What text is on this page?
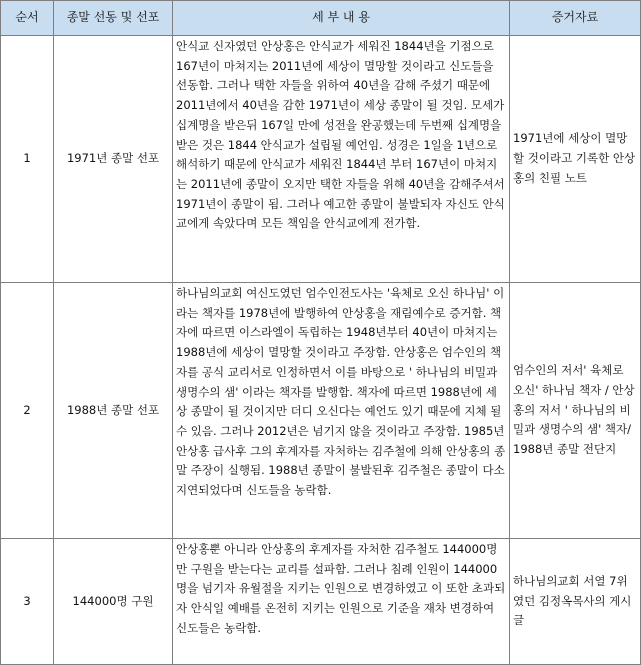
순서	종말 선동 및 선포	세 부 내 용	증거자료
1	1971년 종말 선포	안식교 신자였던 안상홍은 안식교가 세워진 1844년을 기점으로 167년이 마쳐지는 2011년에 세상이 멸망할 것이라고 신도들을 선동함. 그러나 택한 자들을 위하여 40년을 감해 주셨기 때문에 2011년에서 40년을 감한 1971년이 세상 종말이 될 것임. 모세가 십계명을 받은뒤 167일 만에 성전을 완공했는데 두번째 십계명을 받은 것은 1844 안식교가 설립될 예언임. 성경은 1일을 1년으로 해석하기 때문에 안식교가 세워진 1844년 부터 167년이 마쳐지는 2011년에 종말이 오지만 택한 자들을 위해 40년을 감해주셔서 1971년이 종말이 됨. 그러나 예고한 종말이 불발되자 자신도 안식교에게 속았다며 모든 책임을 안식교에게 전가함.	1971년에 세상이 멸망할 것이라고 기록한 안상홍의 친필 노트
2	1988년 종말 선포	하나님의교회 여신도였던 엄수인전도사는 '육체로 오신 하나님' 이라는 책자를 1978년에 발행하여 안상홍을 재림예수로 증거함. 책자에 따르면 이스라엘이 독립하는 1948년부터 40년이 마쳐지는 1988년에 세상이 멸망할 것이라고 주장함. 안상홍은 엄수인의 책자를 공식 교리서로 인정하면서 이를 바탕으로 ' 하나님의 비밀과 생명수의 샘' 이라는 책자를 발행함. 책자에 따르면 1988년에 세상 종말이 될 것이지만 더디 오신다는 예언도 있기 때문에 지체 될수 있음. 그러나 2012년은 넘기지 않을 것이라고 주장함. 1985년 안상홍 급사후 그의 후계자를 자처하는 김주철에 의해 안상홍의 종말 주장이 실행됨. 1988년 종말이 불발된후 김주철은 종말이 다소 지연되었다며 신도들을 농락함.	엄수인의 저서' 육체로 오신' 하나님 책자 / 안상홍의 저서 ' 하나님의 비밀과 생명수의 샘' 책자/ 1988년 종말 전단지
3	144000명 구원	안상홍뿐 아니라 안상홍의 후계자를 자처한 김주철도 144000명만 구원을 받는다는 교리를 설파함. 그러나 침례 인원이 144000명을 넘기자 유월절을 지키는 인원으로 변경하였고 이 또한 초과되자 안식일 예배를 온전히 지키는 인원으로 기준을 재차 변경하여 신도들은 농락함.	하나님의교회 서열 7위였던 김정옥목사의 게시글
